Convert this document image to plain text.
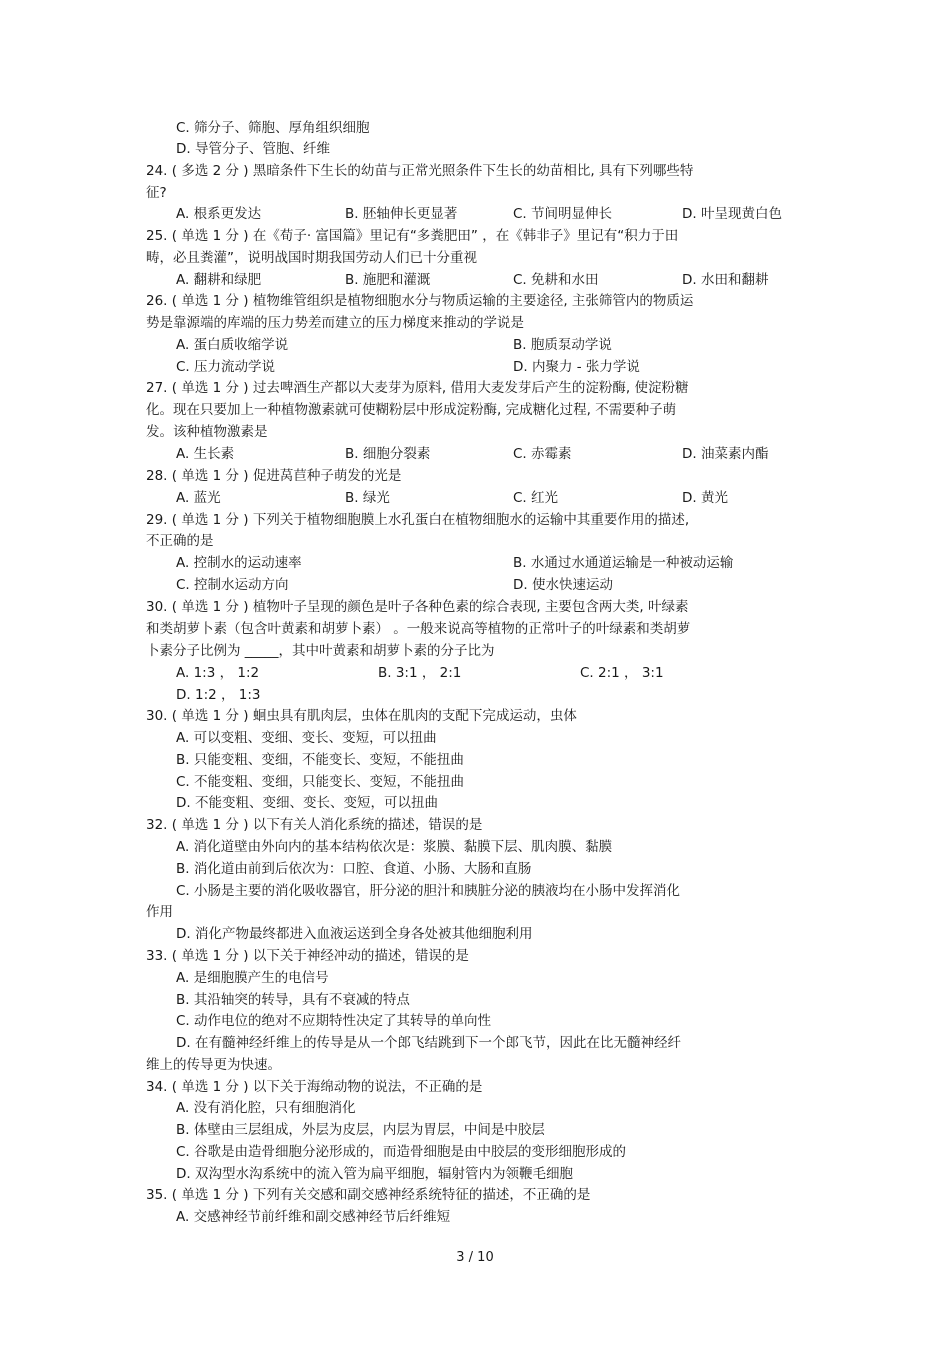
C. 筛分子、筛胞、厚角组织细胞
D. 导管分子、管胞、纤维
24. ( 多选 2 分 ) 黑暗条件下生长的幼苗与正常光照条件下生长的幼苗相比, 具有下列哪些特
征?
A. 根系更发达	B. 胚轴伸长更显著	C. 节间明显伸长	D. 叶呈现黄白色
25. ( 单选 1 分 ) 在《荀子· 富国篇》里记有“多粪肥田” ，在《韩非子》里记有“积力于田
畴，必且粪灌”，说明战国时期我国劳动人们已十分重视
A. 翻耕和绿肥	B. 施肥和灌溉	C. 免耕和水田	D. 水田和翻耕
26. ( 单选 1 分 ) 植物维管组织是植物细胞水分与物质运输的主要途径, 主张筛管内的物质运
势是靠源端的库端的压力势差而建立的压力梯度来推动的学说是
A. 蛋白质收缩学说	B. 胞质泵动学说
C. 压力流动学说	D. 内聚力 - 张力学说
27. ( 单选 1 分 ) 过去啤酒生产都以大麦芽为原料, 借用大麦发芽后产生的淀粉酶, 使淀粉糖
化。现在只要加上一种植物激素就可使糊粉层中形成淀粉酶, 完成糖化过程, 不需要种子萌
发。该种植物激素是
A. 生长素	B. 细胞分裂素	C. 赤霉素	D. 油菜素内酯
28. ( 单选 1 分 ) 促进莴苣种子萌发的光是
A. 蓝光	B. 绿光	C. 红光	D. 黄光
29. ( 单选 1 分 ) 下列关于植物细胞膜上水孔蛋白在植物细胞水的运输中其重要作用的描述,
不正确的是
A. 控制水的运动速率	B. 水通过水通道运输是一种被动运输
C. 控制水运动方向	D. 使水快速运动
30. ( 单选 1 分 ) 植物叶子呈现的颜色是叶子各种色素的综合表现, 主要包含两大类, 叶绿素
和类胡萝卜素（包含叶黄素和胡萝卜素） 。一般来说高等植物的正常叶子的叶绿素和类胡萝
卜素分子比例为 _____，其中叶黄素和胡萝卜素的分子比为
A. 1:3 ， 1:2	B. 3:1 ， 2:1	C. 2:1 ， 3:1
D. 1:2 ， 1:3
30. ( 单选 1 分 ) 蛔虫具有肌肉层，虫体在肌肉的支配下完成运动，虫体
A. 可以变粗、变细、变长、变短，可以扭曲
B. 只能变粗、变细，不能变长、变短，不能扭曲
C. 不能变粗、变细，只能变长、变短，不能扭曲
D. 不能变粗、变细、变长、变短，可以扭曲
32. ( 单选 1 分 ) 以下有关人消化系统的描述，错误的是
A. 消化道壁由外向内的基本结构依次是：浆膜、黏膜下层、肌肉膜、黏膜
B. 消化道由前到后依次为：口腔、食道、小肠、大肠和直肠
C. 小肠是主要的消化吸收器官，肝分泌的胆汁和胰脏分泌的胰液均在小肠中发挥消化
作用
D. 消化产物最终都进入血液运送到全身各处被其他细胞利用
33. ( 单选 1 分 ) 以下关于神经冲动的描述，错误的是
A. 是细胞膜产生的电信号
B. 其沿轴突的转导，具有不衰减的特点
C. 动作电位的绝对不应期特性决定了其转导的单向性
D. 在有髓神经纤维上的传导是从一个郎飞结跳到下一个郎飞节，因此在比无髓神经纤
维上的传导更为快速。
34. ( 单选 1 分 ) 以下关于海绵动物的说法，不正确的是
A. 没有消化腔，只有细胞消化
B. 体壁由三层组成，外层为皮层，内层为胃层，中间是中胶层
C. 谷歌是由造骨细胞分泌形成的，而造骨细胞是由中胶层的变形细胞形成的
D. 双沟型水沟系统中的流入管为扁平细胞，辐射管内为领鞭毛细胞
35. ( 单选 1 分 ) 下列有关交感和副交感神经系统特征的描述，不正确的是
A. 交感神经节前纤维和副交感神经节后纤维短
3 / 10
